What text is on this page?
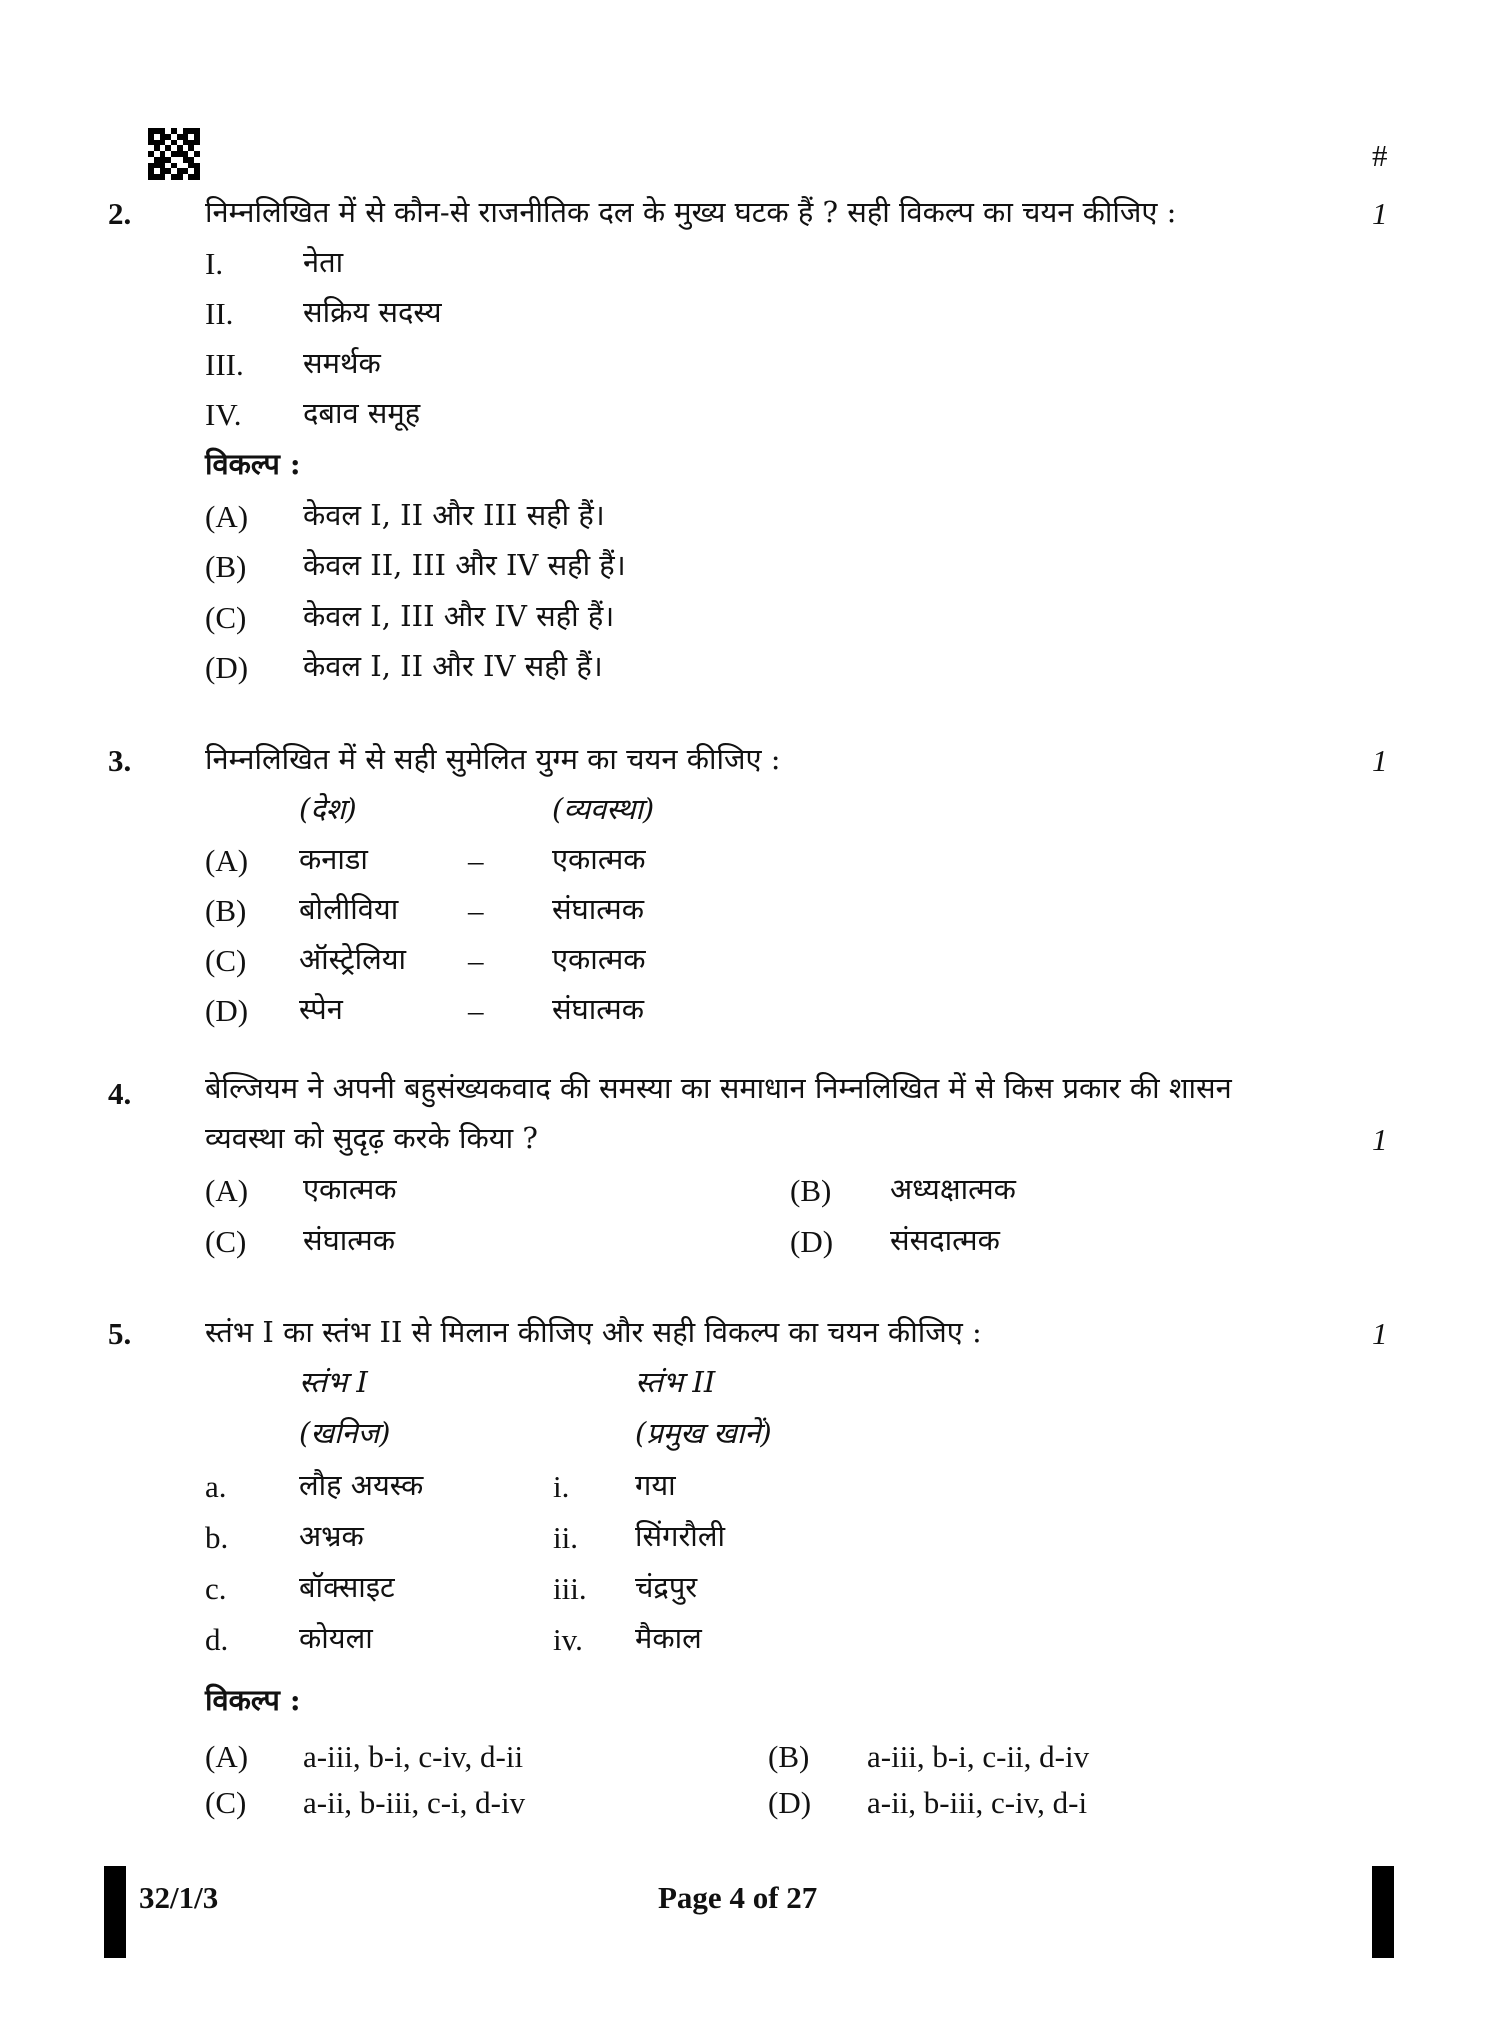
#
2.	निम्नलिखित में से कौन-से राजनीतिक दल के मुख्य घटक हैं ? सही विकल्प का चयन कीजिए :	1
I.	नेता
II. सक्रिय सदस्य
III. समर्थक
IV. दबाव समूह
विकल्प :
(A) केवल I, II और III सही हैं।
(B) केवल II, III और IV सही हैं।
(C) केवल I, III और IV सही हैं।
(D) केवल I, II और IV सही हैं।
3.	निम्नलिखित में से सही सुमेलित युग्म का चयन कीजिए :	1
(देश)	(व्यवस्था)
(A) कनाडा	– एकात्मक
(B) बोलीविया – संघात्मक
(C) ऑस्ट्रेलिया – एकात्मक
(D) स्पेन	– संघात्मक
4.	बेल्जियम ने अपनी बहुसंख्यकवाद की समस्या का समाधान निम्नलिखित में से किस प्रकार की शासन
व्यवस्था को सुदृढ़ करके किया ?	1
(A) एकात्मक	(B) अध्यक्षात्मक
(C) संघात्मक	(D) संसदात्मक
5.	स्तंभ I का स्तंभ II से मिलान कीजिए और सही विकल्प का चयन कीजिए :	1
स्तंभ I	स्तंभ II
(खनिज)	(प्रमुख खानें)
a. लौह अयस्क	i. गया
b. अभ्रक	ii. सिंगरौली
c. बॉक्साइट	iii. चंद्रपुर
d. कोयला	iv. मैकाल
विकल्प :
(A) a-iii, b-i, c-iv, d-ii	(B) a-iii, b-i, c-ii, d-iv
(C) a-ii, b-iii, c-i, d-iv	(D) a-ii, b-iii, c-iv, d-i
32/1/3	Page 4 of 27
